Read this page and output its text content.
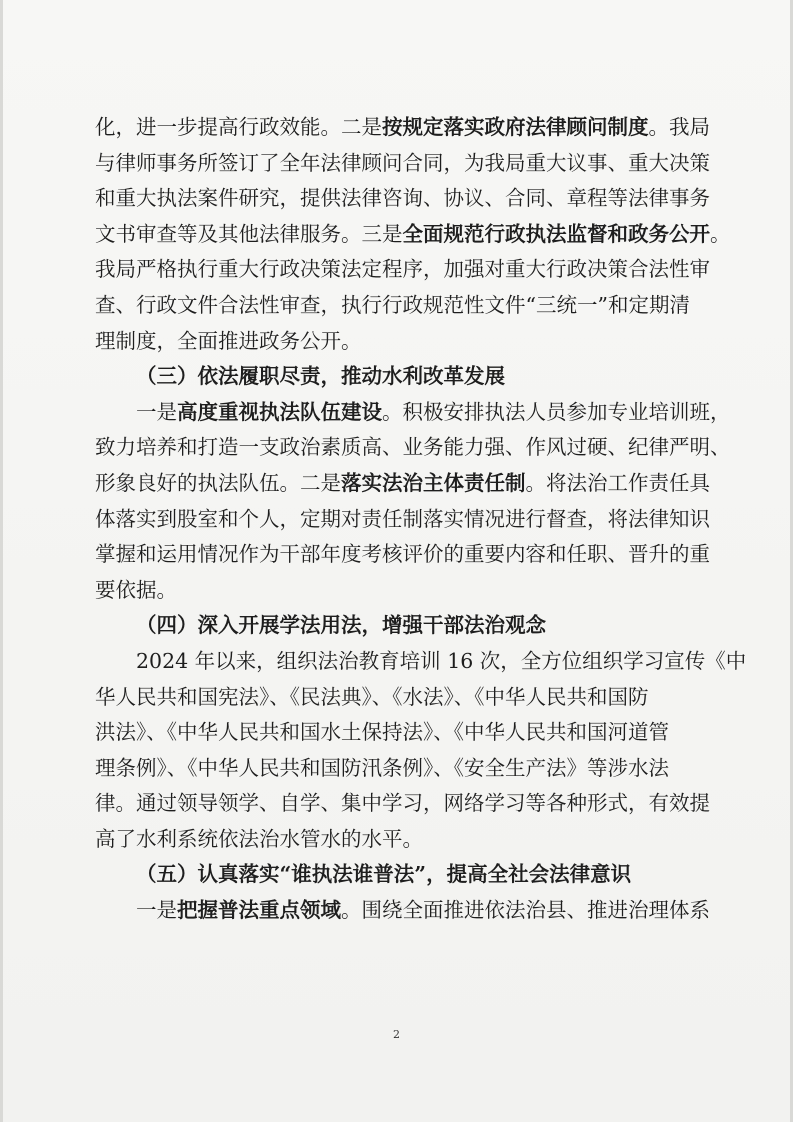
化，进一步提高行政效能。二是按规定落实政府法律顾问制度。我局
与律师事务所签订了全年法律顾问合同，为我局重大议事、重大决策
和重大执法案件研究，提供法律咨询、协议、合同、章程等法律事务
文书审查等及其他法律服务。三是全面规范行政执法监督和政务公开。
我局严格执行重大行政决策法定程序，加强对重大行政决策合法性审
查、行政文件合法性审查，执行行政规范性文件“三统一”和定期清
理制度，全面推进政务公开。
（三）依法履职尽责，推动水利改革发展
一是高度重视执法队伍建设。积极安排执法人员参加专业培训班，
致力培养和打造一支政治素质高、业务能力强、作风过硬、纪律严明、
形象良好的执法队伍。二是落实法治主体责任制。将法治工作责任具
体落实到股室和个人，定期对责任制落实情况进行督查，将法律知识
掌握和运用情况作为干部年度考核评价的重要内容和任职、晋升的重
要依据。
（四）深入开展学法用法，增强干部法治观念
2024 年以来，组织法治教育培训 16 次，全方位组织学习宣传《中
华人民共和国宪法》、《民法典》、《水法》、《中华人民共和国防
洪法》、《中华人民共和国水土保持法》、《中华人民共和国河道管
理条例》、《中华人民共和国防汛条例》、《安全生产法》等涉水法
律。通过领导领学、自学、集中学习，网络学习等各种形式，有效提
高了水利系统依法治水管水的水平。
（五）认真落实“谁执法谁普法”，提高全社会法律意识
一是把握普法重点领域。围绕全面推进依法治县、推进治理体系
2
